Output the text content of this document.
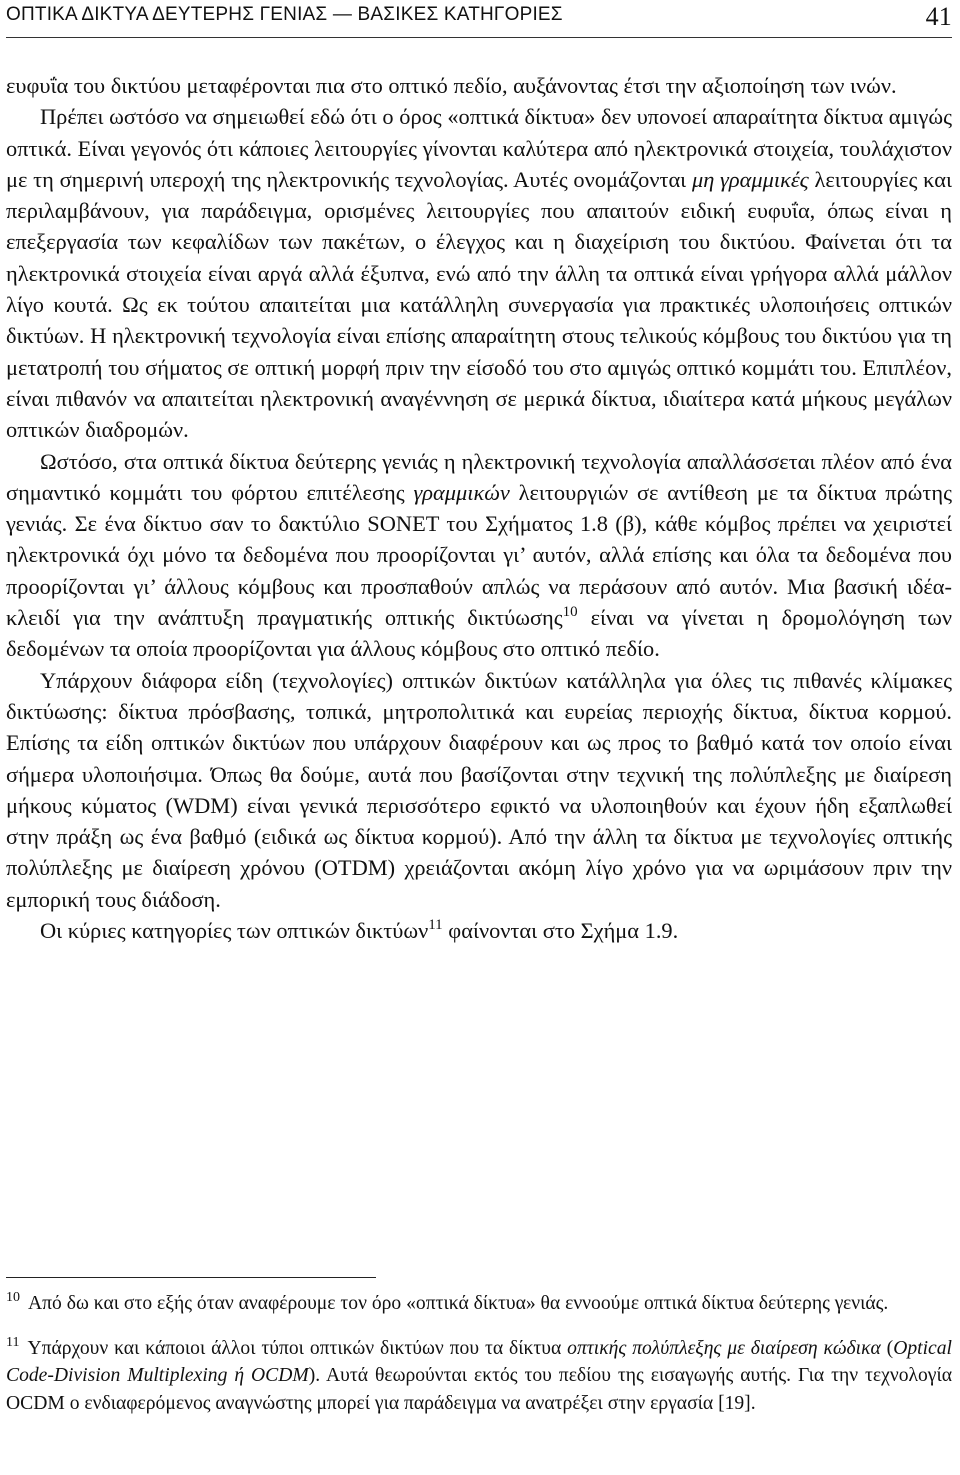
ΟΠΤΙΚΑ ΔΙΚΤΥΑ ΔΕΥΤΕΡΗΣ ΓΕΝΙΑΣ — ΒΑΣΙΚΕΣ ΚΑΤΗΓΟΡΙΕΣ	41

ευφυΐα του δικτύου μεταφέρονται πια στο οπτικό πεδίο, αυξάνοντας έτσι την αξιοποίηση των ινών.

Πρέπει ωστόσο να σημειωθεί εδώ ότι ο όρος «οπτικά δίκτυα» δεν υπονοεί απαραίτητα δίκτυα αμιγώς οπτικά. Είναι γεγονός ότι κάποιες λειτουργίες γίνονται καλύτερα από ηλεκτρονικά στοιχεία, τουλάχιστον με τη σημερινή υπεροχή της ηλεκτρονικής τεχνολογίας. Αυτές ονομάζονται μη γραμμικές λειτουργίες και περιλαμβάνουν, για παράδειγμα, ορισμένες λειτουργίες που απαιτούν ειδική ευφυΐα, όπως είναι η επεξεργασία των κεφαλίδων των πακέτων, ο έλεγχος και η διαχείριση του δικτύου. Φαίνεται ότι τα ηλεκτρονικά στοιχεία είναι αργά αλλά έξυπνα, ενώ από την άλλη τα οπτικά είναι γρήγορα αλλά μάλλον λίγο κουτά. Ως εκ τούτου απαιτείται μια κατάλληλη συνεργασία για πρακτικές υλοποιήσεις οπτικών δικτύων. Η ηλεκτρονική τεχνολογία είναι επίσης απαραίτητη στους τελικούς κόμβους του δικτύου για τη μετατροπή του σήματος σε οπτική μορφή πριν την είσοδό του στο αμιγώς οπτικό κομμάτι του. Επιπλέον, είναι πιθανόν να απαιτείται ηλεκτρονική αναγέννηση σε μερικά δίκτυα, ιδιαίτερα κατά μήκους μεγάλων οπτικών διαδρομών.

Ωστόσο, στα οπτικά δίκτυα δεύτερης γενιάς η ηλεκτρονική τεχνολογία απαλλάσσεται πλέον από ένα σημαντικό κομμάτι του φόρτου επιτέλεσης γραμμικών λειτουργιών σε αντίθεση με τα δίκτυα πρώτης γενιάς. Σε ένα δίκτυο σαν το δακτύλιο SONET του Σχήματος 1.8 (β), κάθε κόμβος πρέπει να χειριστεί ηλεκτρονικά όχι μόνο τα δεδομένα που προορίζονται γι’ αυτόν, αλλά επίσης και όλα τα δεδομένα που προορίζονται γι’ άλλους κόμβους και προσπαθούν απλώς να περάσουν από αυτόν. Μια βασική ιδέα-κλειδί για την ανάπτυξη πραγματικής οπτικής δικτύωσης$^{10}$ είναι να γίνεται η δρομολόγηση των δεδομένων τα οποία προορίζονται για άλλους κόμβους στο οπτικό πεδίο.

Υπάρχουν διάφορα είδη (τεχνολογίες) οπτικών δικτύων κατάλληλα για όλες τις πιθανές κλίμακες δικτύωσης: δίκτυα πρόσβασης, τοπικά, μητροπολιτικά και ευρείας περιοχής δίκτυα, δίκτυα κορμού. Επίσης τα είδη οπτικών δικτύων που υπάρχουν διαφέρουν και ως προς το βαθμό κατά τον οποίο είναι σήμερα υλοποιήσιμα. Όπως θα δούμε, αυτά που βασίζονται στην τεχνική της πολύπλεξης με διαίρεση μήκους κύματος (WDM) είναι γενικά περισσότερο εφικτό να υλοποιηθούν και έχουν ήδη εξαπλωθεί στην πράξη ως ένα βαθμό (ειδικά ως δίκτυα κορμού). Από την άλλη τα δίκτυα με τεχνολογίες οπτικής πολύπλεξης με διαίρεση χρόνου (OTDM) χρειάζονται ακόμη λίγο χρόνο για να ωριμάσουν πριν την εμπορική τους διάδοση.

Οι κύριες κατηγορίες των οπτικών δικτύων$^{11}$ φαίνονται στο Σχήμα 1.9.

$^{10}$ Από δω και στο εξής όταν αναφέρουμε τον όρο «οπτικά δίκτυα» θα εννοούμε οπτικά δίκτυα δεύτερης γενιάς.

$^{11}$ Υπάρχουν και κάποιοι άλλοι τύποι οπτικών δικτύων που τα δίκτυα οπτικής πολύπλεξης με διαίρεση κώδικα (Optical Code-Division Multiplexing ή OCDM). Αυτά θεωρούνται εκτός του πεδίου της εισαγωγής αυτής. Για την τεχνολογία OCDM ο ενδιαφερόμενος αναγνώστης μπορεί για παράδειγμα να ανατρέξει στην εργασία [19].
